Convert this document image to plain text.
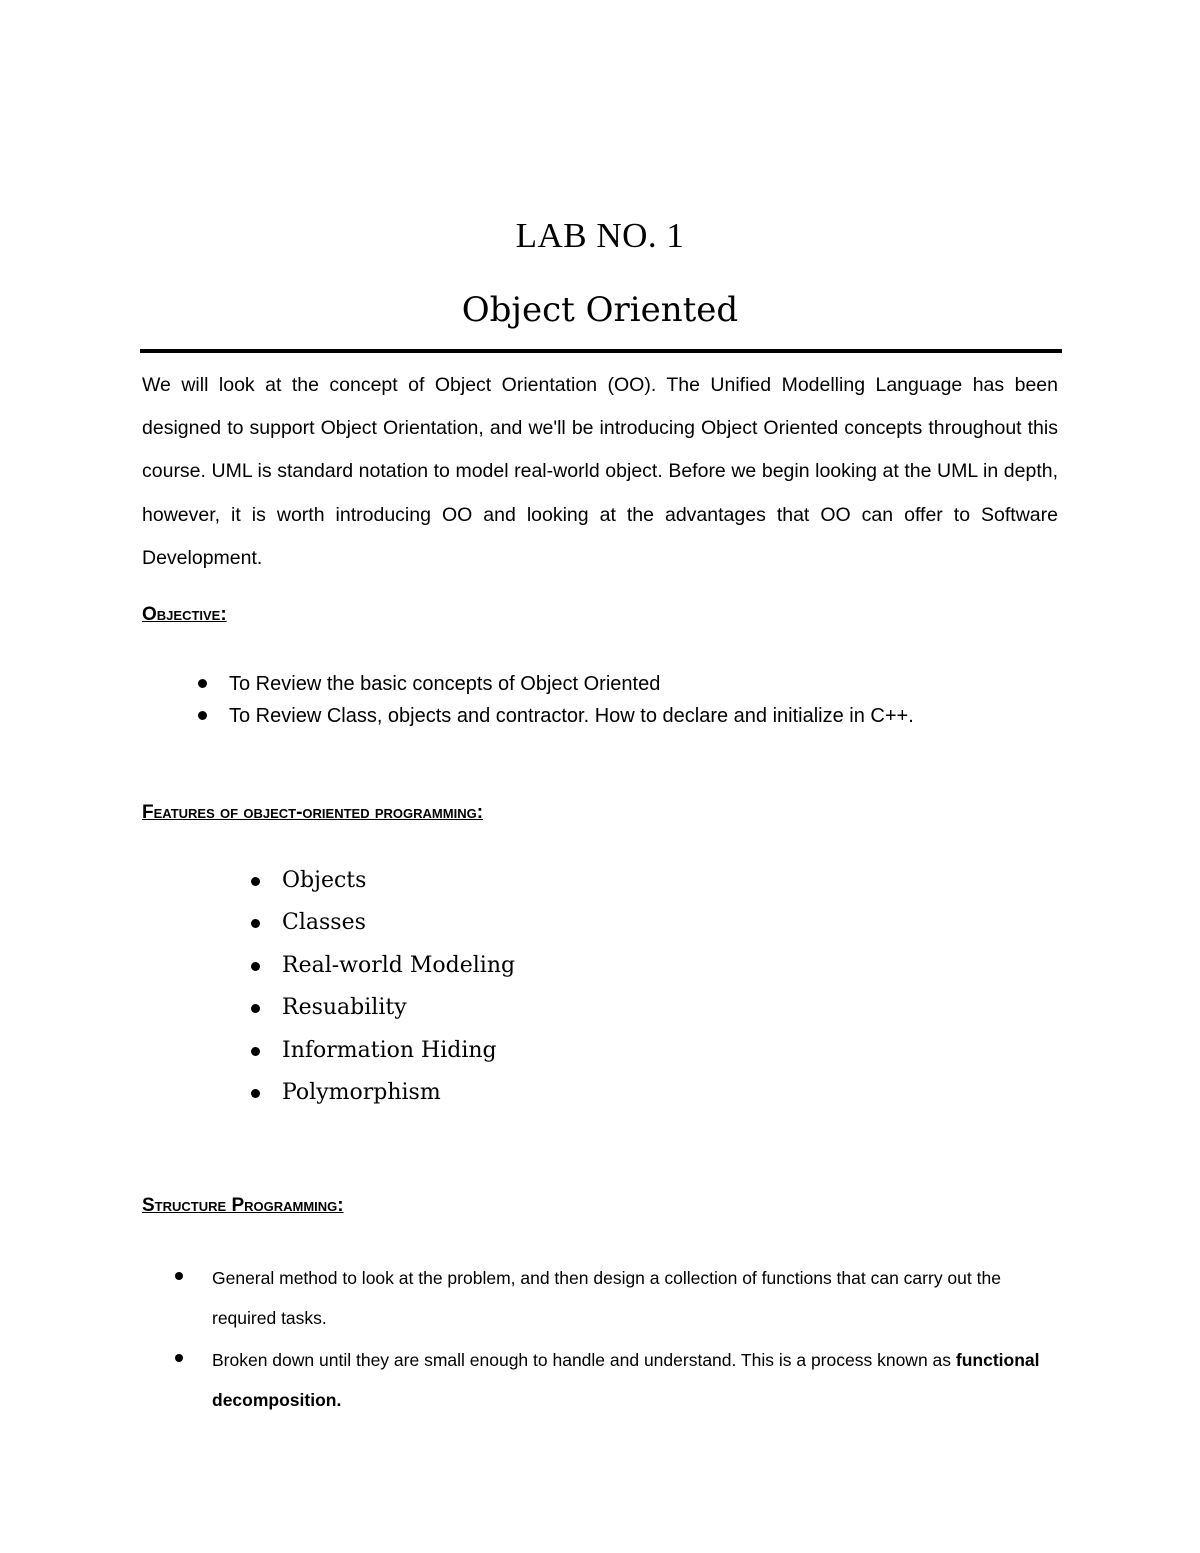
LAB NO. 1
Object Oriented

We will look at the concept of Object Orientation (OO). The Unified Modelling Language has been designed to support Object Orientation, and we'll be introducing Object Oriented concepts throughout this course. UML is standard notation to model real-world object. Before we begin looking at the UML in depth, however, it is worth introducing OO and looking at the advantages that OO can offer to Software Development.

Objective:
To Review the basic concepts of Object Oriented
To Review Class, objects and contractor. How to declare and initialize in C++.
Features of object-oriented programming:
Objects
Classes
Real-world Modeling
Resuability
Information Hiding
Polymorphism
Structure Programming:
General method to look at the problem, and then design a collection of functions that can carry out the required tasks.
Broken down until they are small enough to handle and understand. This is a process known as functional decomposition.
